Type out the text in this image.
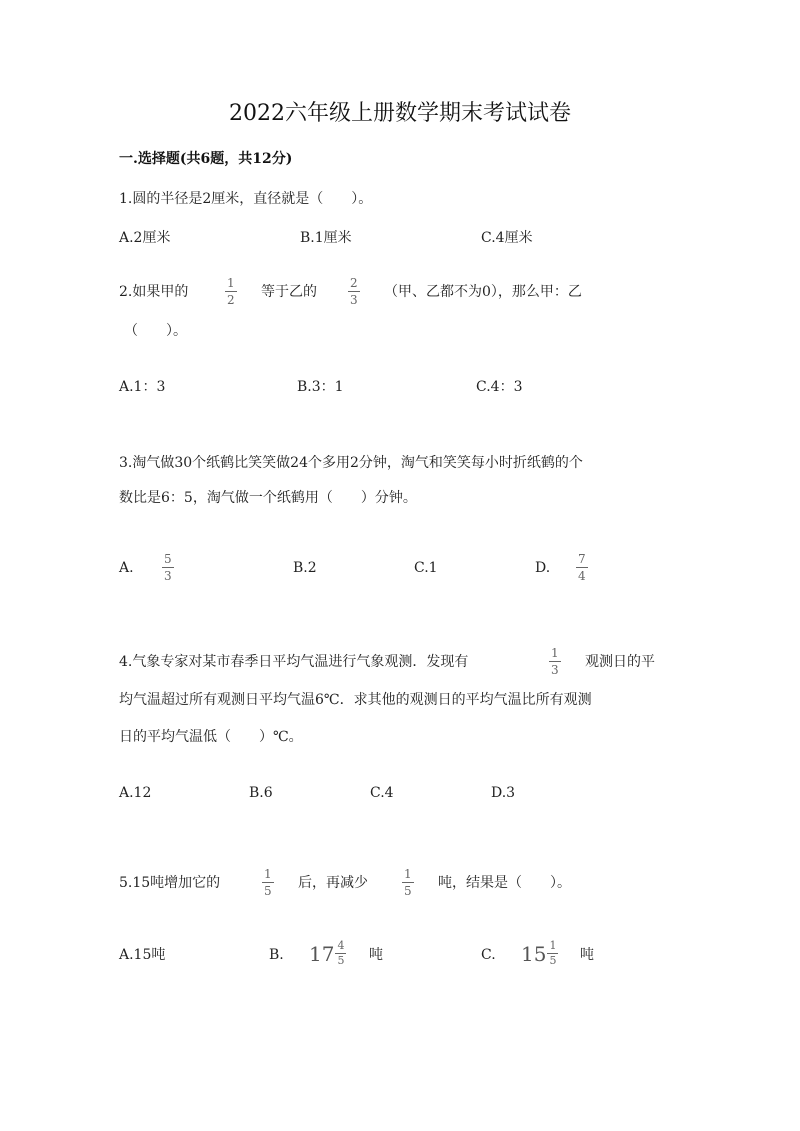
2022六年级上册数学期末考试试卷
一.选择题(共6题，共12分)
1.圆的半径是2厘米，直径就是（　　）。
A.2厘米	B.1厘米	C.4厘米
2.如果甲的	$\frac{1}{2}$ 等于乙的	$\frac{2}{3}$ （甲、乙都不为0），那么甲：乙
（　　）。
A.1：3	B.3：1	C.4：3
3.淘气做30个纸鹤比笑笑做24个多用2分钟，淘气和笑笑每小时折纸鹤的个
数比是6：5，淘气做一个纸鹤用（　　）分钟。
A. $\frac{5}{3}$	B.2	C.1	D. $\frac{7}{4}$
4.气象专家对某市春季日平均气温进行气象观测．发现有	$\frac{1}{3}$ 观测日的平
均气温超过所有观测日平均气温6℃．求其他的观测日的平均气温比所有观测
日的平均气温低（　　）℃。
A.12	B.6	C.4	D.3
5.15吨增加它的	$\frac{1}{5}$ 后，再减少	$\frac{1}{5}$ 吨，结果是（　　）。
A.15吨	B. $17 \frac{4}{5}$ 吨	C. $15 \frac{1}{5}$ 吨
